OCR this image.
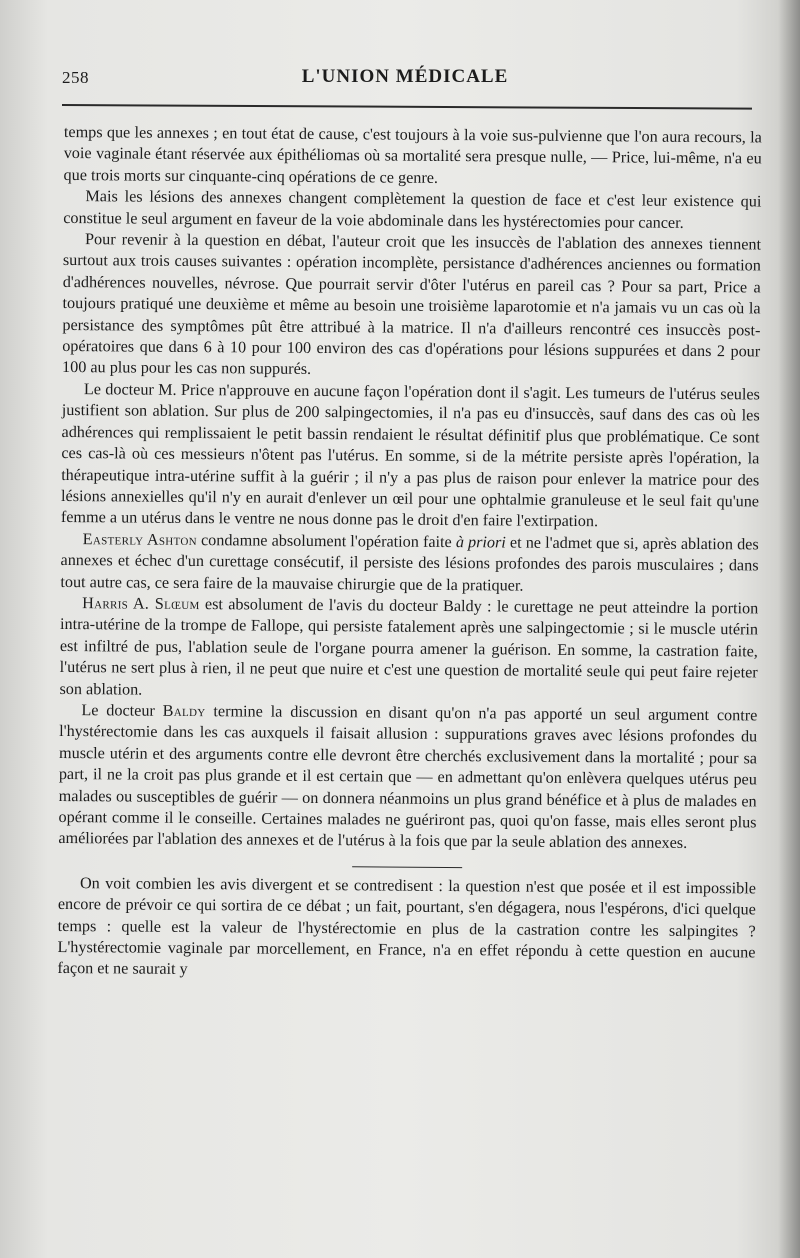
258	L'UNION MÉDICALE

temps que les annexes ; en tout état de cause, c'est toujours à la voie sus-pulvienne que l'on aura recours, la voie vaginale étant réservée aux épithéliomas où sa mortalité sera presque nulle, — Price, lui-même, n'a eu que trois morts sur cinquante-cinq opérations de ce genre.

Mais les lésions des annexes changent complètement la question de face et c'est leur existence qui constitue le seul argument en faveur de la voie abdominale dans les hystérectomies pour cancer.

Pour revenir à la question en débat, l'auteur croit que les insuccès de l'ablation des annexes tiennent surtout aux trois causes suivantes : opération incomplète, persistance d'adhérences anciennes ou formation d'adhérences nouvelles, névrose. Que pourrait servir d'ôter l'utérus en pareil cas ? Pour sa part, Price a toujours pratiqué une deuxième et même au besoin une troisième laparotomie et n'a jamais vu un cas où la persistance des symptômes pût être attribué à la matrice. Il n'a d'ailleurs rencontré ces insuccès post-opératoires que dans 6 à 10 pour 100 environ des cas d'opérations pour lésions suppurées et dans 2 pour 100 au plus pour les cas non suppurés.

Le docteur M. Price n'approuve en aucune façon l'opération dont il s'agit. Les tumeurs de l'utérus seules justifient son ablation. Sur plus de 200 salpingectomies, il n'a pas eu d'insuccès, sauf dans des cas où les adhérences qui remplissaient le petit bassin rendaient le résultat définitif plus que problématique. Ce sont ces cas-là où ces messieurs n'ôtent pas l'utérus. En somme, si de la métrite persiste après l'opération, la thérapeutique intra-utérine suffit à la guérir ; il n'y a pas plus de raison pour enlever la matrice pour des lésions annexielles qu'il n'y en aurait d'enlever un œil pour une ophtalmie granuleuse et le seul fait qu'une femme a un utérus dans le ventre ne nous donne pas le droit d'en faire l'extirpation.

Easterly Ashton condamne absolument l'opération faite à priori et ne l'admet que si, après ablation des annexes et échec d'un curettage consécutif, il persiste des lésions profondes des parois musculaires ; dans tout autre cas, ce sera faire de la mauvaise chirurgie que de la pratiquer.

Harris A. Slœum est absolument de l'avis du docteur Baldy : le curettage ne peut atteindre la portion intra-utérine de la trompe de Fallope, qui persiste fatalement après une salpingectomie ; si le muscle utérin est infiltré de pus, l'ablation seule de l'organe pourra amener la guérison. En somme, la castration faite, l'utérus ne sert plus à rien, il ne peut que nuire et c'est une question de mortalité seule qui peut faire rejeter son ablation.

Le docteur Baldy termine la discussion en disant qu'on n'a pas apporté un seul argument contre l'hystérectomie dans les cas auxquels il faisait allusion : suppurations graves avec lésions profondes du muscle utérin et des arguments contre elle devront être cherchés exclusivement dans la mortalité ; pour sa part, il ne la croit pas plus grande et il est certain que — en admettant qu'on enlèvera quelques utérus peu malades ou susceptibles de guérir — on donnera néanmoins un plus grand bénéfice et à plus de malades en opérant comme il le conseille. Certaines malades ne guériront pas, quoi qu'on fasse, mais elles seront plus améliorées par l'ablation des annexes et de l'utérus à la fois que par la seule ablation des annexes.

On voit combien les avis divergent et se contredisent : la question n'est que posée et il est impossible encore de prévoir ce qui sortira de ce débat ; un fait, pourtant, s'en dégagera, nous l'espérons, d'ici quelque temps : quelle est la valeur de l'hystérectomie en plus de la castration contre les salpingites ? L'hystérectomie vaginale par morcellement, en France, n'a en effet répondu à cette question en aucune façon et ne saurait y
